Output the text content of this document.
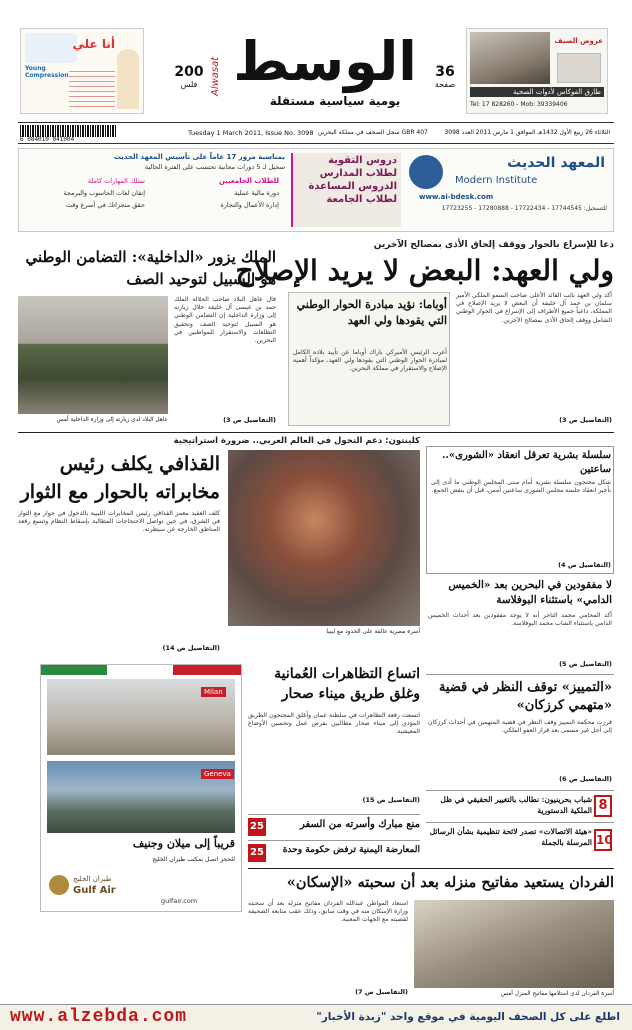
Young Compression
أنا علي
200
فلس الوسط
Alwasat
يومية سياسية مستقلة
36
صفحة
عروض الصيف
طارق الفوكاس لأدوات الصحية
Tel: 17 828260 - Mob: 39339406
6 084010 041004
Tuesday 1 March 2011, Issue No. 3098 GBR 407 سجل الصحف في مملكة البحرين	الثلاثاء 26 ربيع الأول 1432هـ الموافق 1 مارس 2011 العدد 3098
بمناسبة مرور 17 عاماً على تأسيس المعهد الحديث
سجيل لـ 5 دورات مجانية تحتسب على الفترة الحالية
تمتلك المهارات كاملة
إتقان لغات الحاسوب والبرمجة
حقق منجزاتك في أسرع وقت
للطلاب الجامعيين
دورة مالية عملية
إدارة الأعمال والتجارة
دروس التقوية
لطلاب المدارس
الدروس المساعدة
لطلاب الجامعة
المعهد الحديث
Modern Institute
www.ai-bdesk.com
للتسجيل: 17744545 - 17722434 - 17280888 - 17723255
دعا للإسراع بالحوار ووقف إلحاق الأذى بمصالح الآخرين
ولي العهد: البعض لا يريد الإصلاح
أكد ولي العهد نائب القائد الأعلى صاحب السمو الملكي الأمير سلمان بن حمد آل خليفة أن البعض لا يريد الإصلاح في المملكة، داعياً جميع الأطراف إلى الإسراع في الحوار الوطني الشامل ووقف إلحاق الأذى بمصالح الآخرين.
(التفاصيل ص 3)
أوباما: نؤيد مبادرة الحوار الوطني التي يقودها ولي العهد
أعرب الرئيس الأميركي باراك أوباما عن تأييد بلاده الكامل لمبادرة الحوار الوطني التي يقودها ولي العهد، مؤكداً أهمية الإصلاح والاستقرار في مملكة البحرين.
الملك يزور «الداخلية»: التضامن الوطني هو السبيل لتوحيد الصف
عاهل البلاد لدى زيارته إلى وزارة الداخلية أمس
قال عاهل البلاد صاحب الجلالة الملك حمد بن عيسى آل خليفة خلال زيارته إلى وزارة الداخلية إن التضامن الوطني هو السبيل لتوحيد الصف وتحقيق التطلعات والاستقرار للمواطنين في البحرين.
(التفاصيل ص 3)
كلينتون: دعم التحول في العالم العربي.. ضرورة استراتيجية
القذافي يكلف رئيس مخابراته بالحوار مع الثوار
أسرة مصرية عالقة على الحدود مع ليبيا
كلف العقيد معمر القذافي رئيس المخابرات الليبية بالدخول في حوار مع الثوار في الشرق، في حين تواصل الاحتجاجات المطالبة بإسقاط النظام وتتسع رقعة المناطق الخارجة عن سيطرته.
(التفاصيل ص 14)
سلسلة بشرية تعرقل انعقاد «الشورى».. ساعتين
شكل محتجون سلسلة بشرية أمام مبنى المجلس الوطني ما أدى إلى تأخير انعقاد جلسة مجلس الشورى ساعتين أمس، قبل أن ينفض الجمع.
(التفاصيل ص 4)
لا مفقودين في البحرين بعد «الخميس الدامي» باستثناء البوفلاسة
أكد المحامي محمد التاجر أنه لا يوجد مفقودين بعد أحداث الخميس الدامي باستثناء الشاب محمد البوفلاسة.
(التفاصيل ص 5)
«التمييز» توقف النظر في قضية «متهمي كرزكان»
قررت محكمة التمييز وقف النظر في قضية المتهمين في أحداث كرزكان إلى أجل غير مسمى بعد قرار العفو الملكي.
(التفاصيل ص 6)
شباب بحرينيون: نطالب بالتغيير الحقيقي في ظل الملكية الدستورية 8
«هيئة الاتصالات» تصدر لائحة تنظيمية بشأن الرسائل المرسلة بالجملة 10
اتساع التظاهرات العُمانية وغلق طريق ميناء صحار
اتسعت رقعة التظاهرات في سلطنة عمان وأغلق المحتجون الطريق المؤدي إلى ميناء صحار مطالبين بفرص عمل وتحسين الأوضاع المعيشية.
(التفاصيل ص 15)
25	منع مبارك وأسرته من السفر
25	المعارضة اليمنية ترفض حكومة وحدة
Milan
Geneva
قريباً إلى ميلان وجنيف
للحجز اتصل بمكتب طيران الخليج
طيران الخليج
Gulf Air
gulfair.com
الفردان يستعيد مفاتيح منزله بعد أن سحبته «الإسكان»
استعاد المواطن عبدالله الفردان مفاتيح منزله بعد أن سحبته وزارة الإسكان منه في وقت سابق، وذلك عقب متابعة الصحيفة لقضيته مع الجهات المعنية.
(التفاصيل ص 7)	أسرة الفردان لدى استلامها مفاتيح المنزل أمس
www.alzebda.com	اطلع على كل الصحف اليومية في موقع واحد "زبدة الأخبار"
